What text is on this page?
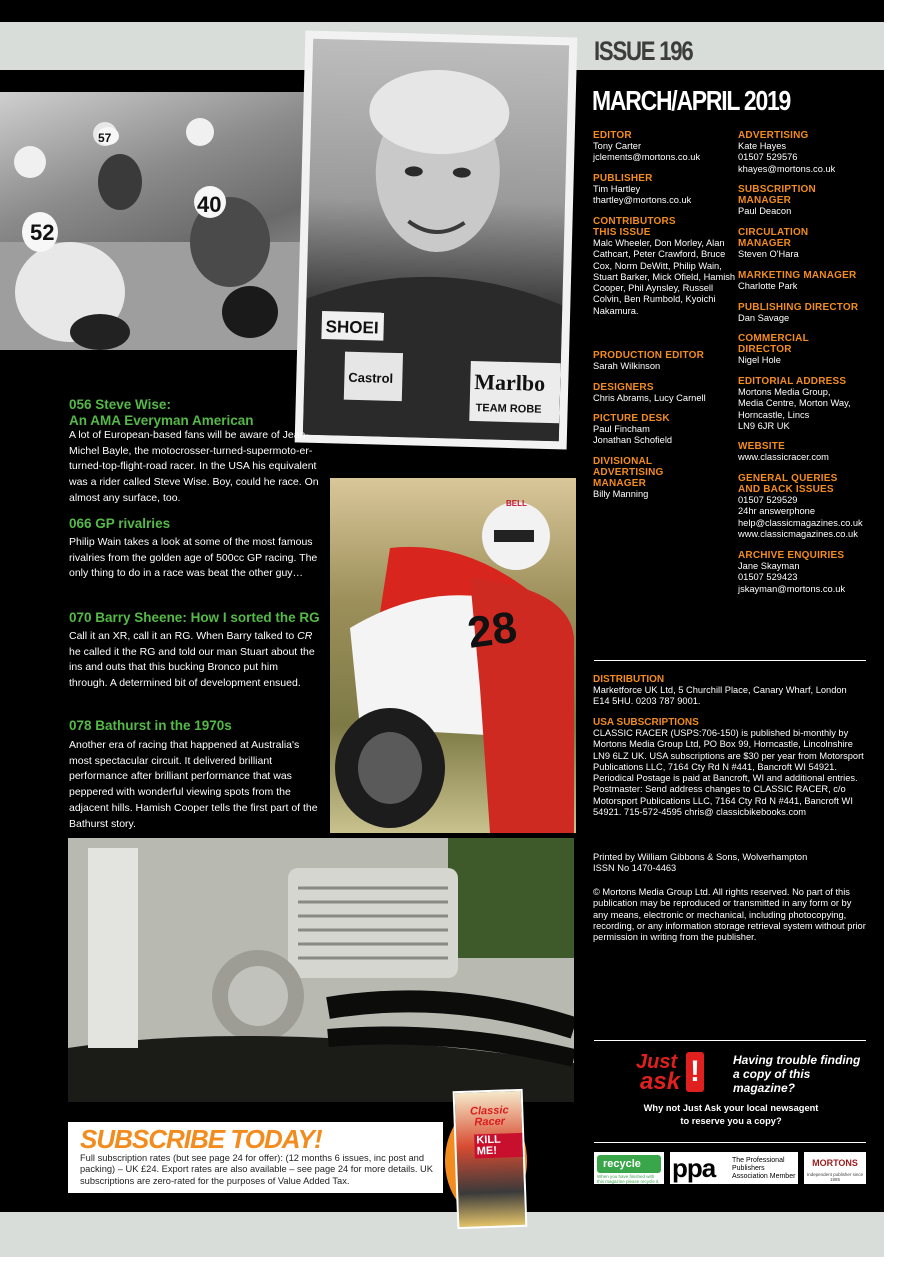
ISSUE 196
MARCH/APRIL 2019
52
40
57
SHOEI
Castrol	Marlbo
TEAM ROBE
BELL
28
056 Steve Wise:
An AMA Everyman American
A lot of European-based fans will be aware of Jean-Michel Bayle, the motocrosser-turned-supermoto-er-turned-top-flight-road racer. In the USA his equivalent was a rider called Steve Wise. Boy, could he race. On almost any surface, too.
066 GP rivalries
Philip Wain takes a look at some of the most famous rivalries from the golden age of 500cc GP racing. The only thing to do in a race was beat the other guy…
070 Barry Sheene: How I sorted the RG
Call it an XR, call it an RG. When Barry talked to CR he called it the RG and told our man Stuart about the ins and outs that this bucking Bronco put him through. A determined bit of development ensued.
078 Bathurst in the 1970s
Another era of racing that happened at Australia's most spectacular circuit. It delivered brilliant performance after brilliant performance that was peppered with wonderful viewing spots from the adjacent hills. Hamish Cooper tells the first part of the Bathurst story.
EDITOR
Tony Carter
jclements@mortons.co.uk
PUBLISHER
Tim Hartley
thartley@mortons.co.uk
CONTRIBUTORS
THIS ISSUE
Malc Wheeler, Don Morley, Alan Cathcart, Peter Crawford, Bruce Cox, Norm DeWitt, Philip Wain, Stuart Barker, Mick Ofield, Hamish Cooper, Phil Aynsley, Russell Colvin, Ben Rumbold, Kyoichi Nakamura.
PRODUCTION EDITOR
Sarah Wilkinson
DESIGNERS
Chris Abrams, Lucy Carnell
PICTURE DESK
Paul Fincham
Jonathan Schofield
DIVISIONAL
ADVERTISING
MANAGER
Billy Manning
ADVERTISING
Kate Hayes
01507 529576
khayes@mortons.co.uk
SUBSCRIPTION
MANAGER
Paul Deacon
CIRCULATION
MANAGER
Steven O'Hara
MARKETING MANAGER
Charlotte Park
PUBLISHING DIRECTOR
Dan Savage
COMMERCIAL
DIRECTOR
Nigel Hole
EDITORIAL ADDRESS
Mortons Media Group,
Media Centre, Morton Way,
Horncastle, Lincs
LN9 6JR UK
WEBSITE
www.classicracer.com
GENERAL QUERIES
AND BACK ISSUES
01507 529529
24hr answerphone
help@classicmagazines.co.uk
www.classicmagazines.co.uk
ARCHIVE ENQUIRIES
Jane Skayman
01507 529423
jskayman@mortons.co.uk
DISTRIBUTION
Marketforce UK Ltd, 5 Churchill Place, Canary Wharf, London E14 5HU. 0203 787 9001.
USA SUBSCRIPTIONS
CLASSIC RACER (USPS:706-150) is published bi-monthly by Mortons Media Group Ltd, PO Box 99, Horncastle, Lincolnshire LN9 6LZ UK. USA subscriptions are $30 per year from Motorsport Publications LLC, 7164 Cty Rd N #441, Bancroft WI 54921. Periodical Postage is paid at Bancroft, WI and additional entries. Postmaster: Send address changes to CLASSIC RACER, c/o Motorsport Publications LLC, 7164 Cty Rd N #441, Bancroft WI 54921. 715-572-4595 chris@ classicbikebooks.com
Printed by William Gibbons & Sons, Wolverhampton
ISSN No 1470-4463
© Mortons Media Group Ltd. All rights reserved. No part of this publication may be reproduced or transmitted in any form or by any means, electronic or mechanical, including photocopying, recording, or any information storage retrieval system without prior permission in writing from the publisher.
Just
ask !	Having trouble finding a copy of this magazine?
Why not Just Ask your local newsagent
to reserve you a copy?
recycle
When you have finished with this magazine please recycle it. ppa The Professional Publishers Association Member
MORTONS
Independent publisher since 1885
SUBSCRIBE TODAY!
Full subscription rates (but see page 24 for offer): (12 months 6 issues, inc post and packing) – UK £24. Export rates are also available – see page 24 for more details. UK subscriptions are zero-rated for the purposes of Value Added Tax.
Classic Racer
KILL ME!
